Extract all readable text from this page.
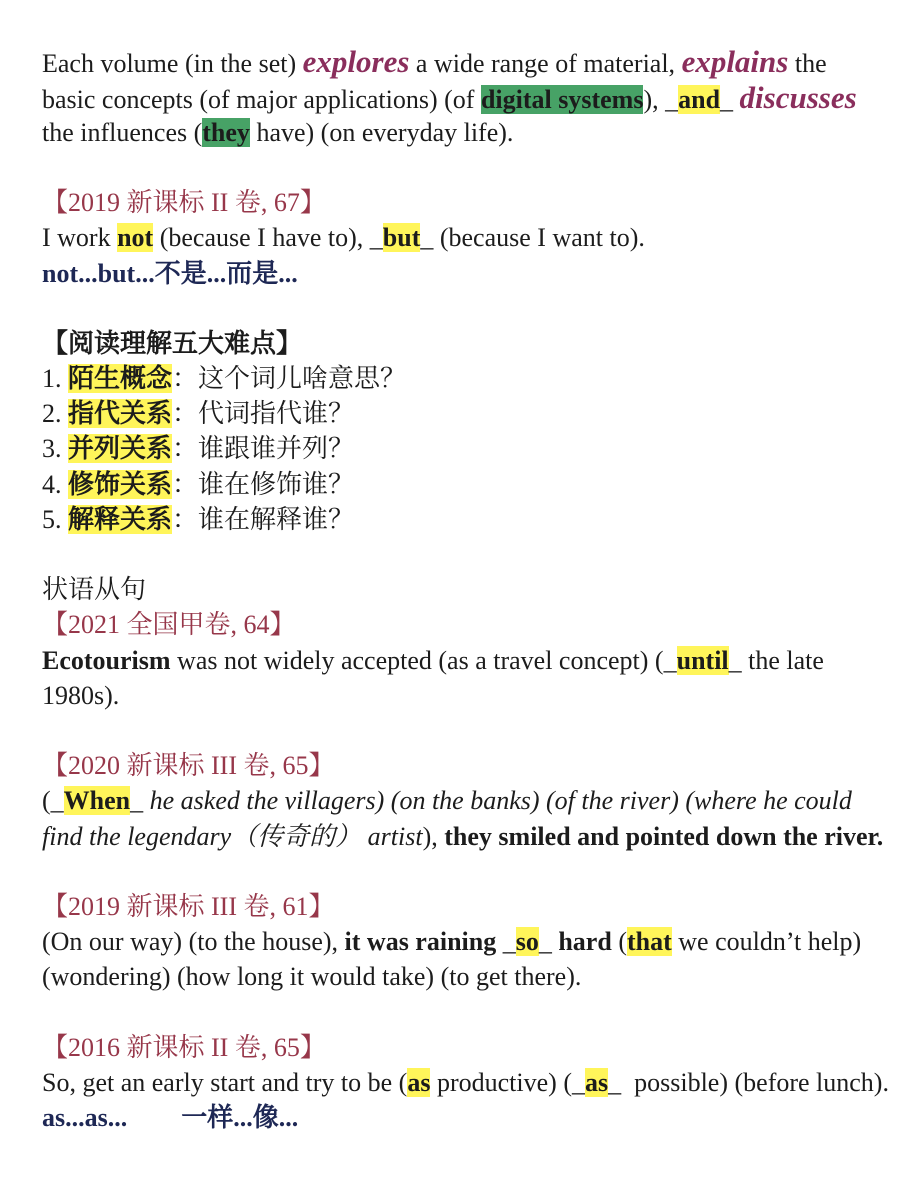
Each volume (in the set) explores a wide range of material, explains the
basic concepts (of major applications) (of digital systems), _and_ discusses
the influences (they have) (on everyday life).
【2019 新课标 II 卷, 67】
I work not (because I have to), _but_ (because I want to).
not...but...不是...而是...
【阅读理解五大难点】
1. 陌生概念：这个词儿啥意思？
2. 指代关系：代词指代谁？
3. 并列关系：谁跟谁并列？
4. 修饰关系：谁在修饰谁？
5. 解释关系：谁在解释谁？
状语从句
【2021 全国甲卷, 64】
Ecotourism was not widely accepted (as a travel concept) (_until_ the late
1980s).
【2020 新课标 III 卷, 65】
(_When_ he asked the villagers) (on the banks) (of the river) (where he could
find the legendary（传奇的） artist), they smiled and pointed down the river.
【2019 新课标 III 卷, 61】
(On our way) (to the house), it was raining _so_ hard (that we couldn’t help)
(wondering) (how long it would take) (to get there).
【2016 新课标 II 卷, 65】
So, get an early start and try to be (as productive) (_as_  possible) (before lunch).
as...as... 一样...像...
